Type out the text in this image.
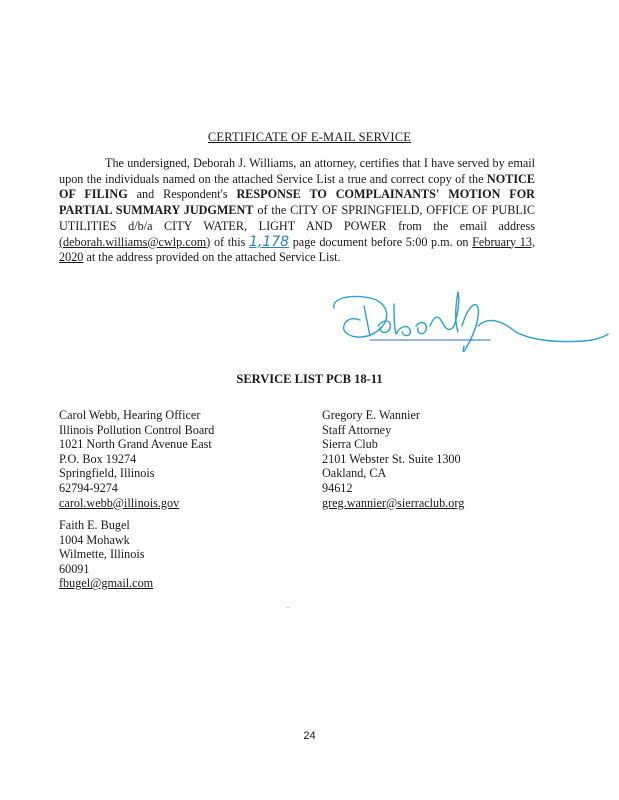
CERTIFICATE OF E-MAIL SERVICE
The undersigned, Deborah J. Williams, an attorney, certifies that I have served by email upon the individuals named on the attached Service List a true and correct copy of the NOTICE OF FILING and Respondent's RESPONSE TO COMPLAINANTS' MOTION FOR PARTIAL SUMMARY JUDGMENT of the CITY OF SPRINGFIELD, OFFICE OF PUBLIC UTILITIES d/b/a CITY WATER, LIGHT AND POWER from the email address (deborah.williams@cwlp.com) of this 1,178 page document before 5:00 p.m. on February 13, 2020 at the address provided on the attached Service List.
SERVICE LIST PCB 18-11
Carol Webb, Hearing Officer
Illinois Pollution Control Board
1021 North Grand Avenue East
P.O. Box 19274
Springfield, Illinois
62794-9274
carol.webb@illinois.gov
Gregory E. Wannier
Staff Attorney
Sierra Club
2101 Webster St. Suite 1300
Oakland, CA
94612
greg.wannier@sierraclub.org
Faith E. Bugel
1004 Mohawk
Wilmette, Illinois
60091
fbugel@gmail.com
24
